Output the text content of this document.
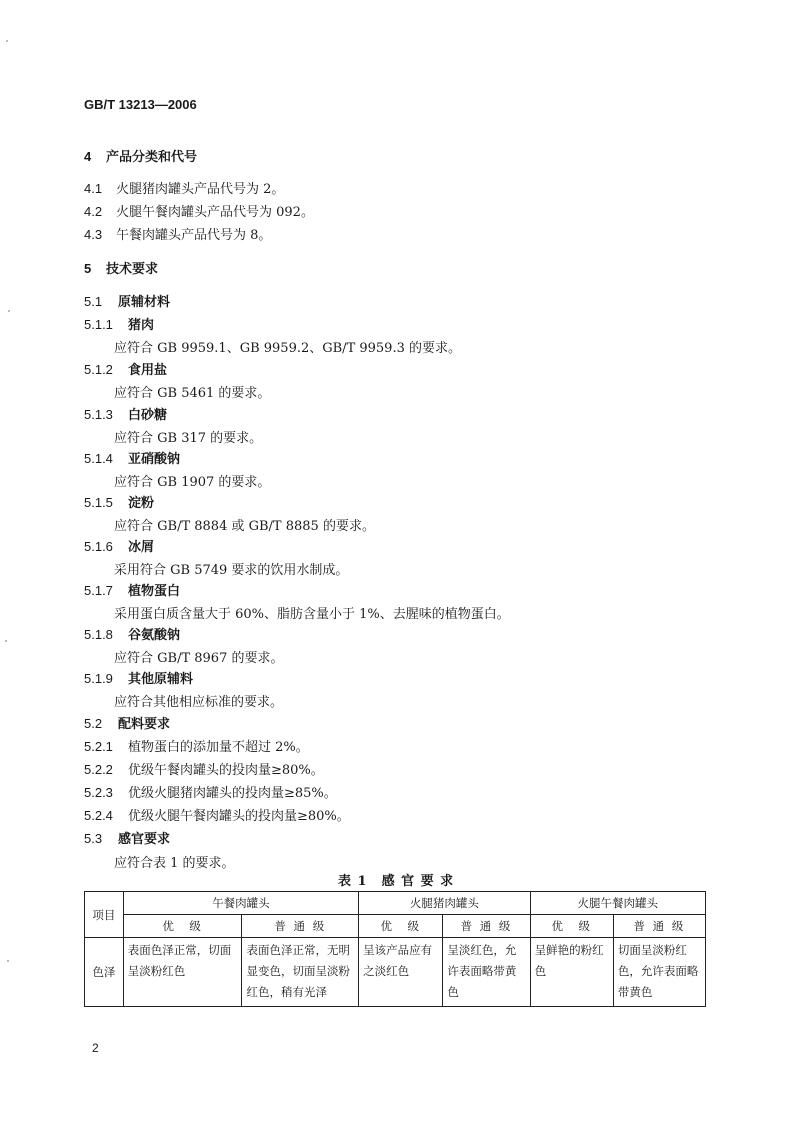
GB/T 13213—2006
4 产品分类和代号
4.1 火腿猪肉罐头产品代号为 2。
4.2 火腿午餐肉罐头产品代号为 092。
4.3 午餐肉罐头产品代号为 8。
5 技术要求
5.1 原辅材料
5.1.1 猪肉
应符合 GB 9959.1、GB 9959.2、GB/T 9959.3 的要求。
5.1.2 食用盐
应符合 GB 5461 的要求。
5.1.3 白砂糖
应符合 GB 317 的要求。
5.1.4 亚硝酸钠
应符合 GB 1907 的要求。
5.1.5 淀粉
应符合 GB/T 8884 或 GB/T 8885 的要求。
5.1.6 冰屑
采用符合 GB 5749 要求的饮用水制成。
5.1.7 植物蛋白
采用蛋白质含量大于 60%、脂肪含量小于 1%、去腥味的植物蛋白。
5.1.8 谷氨酸钠
应符合 GB/T 8967 的要求。
5.1.9 其他原辅料
应符合其他相应标准的要求。
5.2 配料要求
5.2.1 植物蛋白的添加量不超过 2%。
5.2.2 优级午餐肉罐头的投肉量≥80%。
5.2.3 优级火腿猪肉罐头的投肉量≥85%。
5.2.4 优级火腿午餐肉罐头的投肉量≥80%。
5.3 感官要求
应符合表 1 的要求。
表 1　感 官 要 求
项目	午餐肉罐头		火腿猪肉罐头		火腿午餐肉罐头	
	优　级	普 通 级	优　级	普 通 级	优　级	普 通 级
色泽	表面色泽正常，切面呈淡粉红色	表面色泽正常，无明显变色，切面呈淡粉红色，稍有光泽	呈该产品应有之淡红色	呈淡红色，允许表面略带黄色	呈鲜艳的粉红色	切面呈淡粉红色，允许表面略带黄色
2
